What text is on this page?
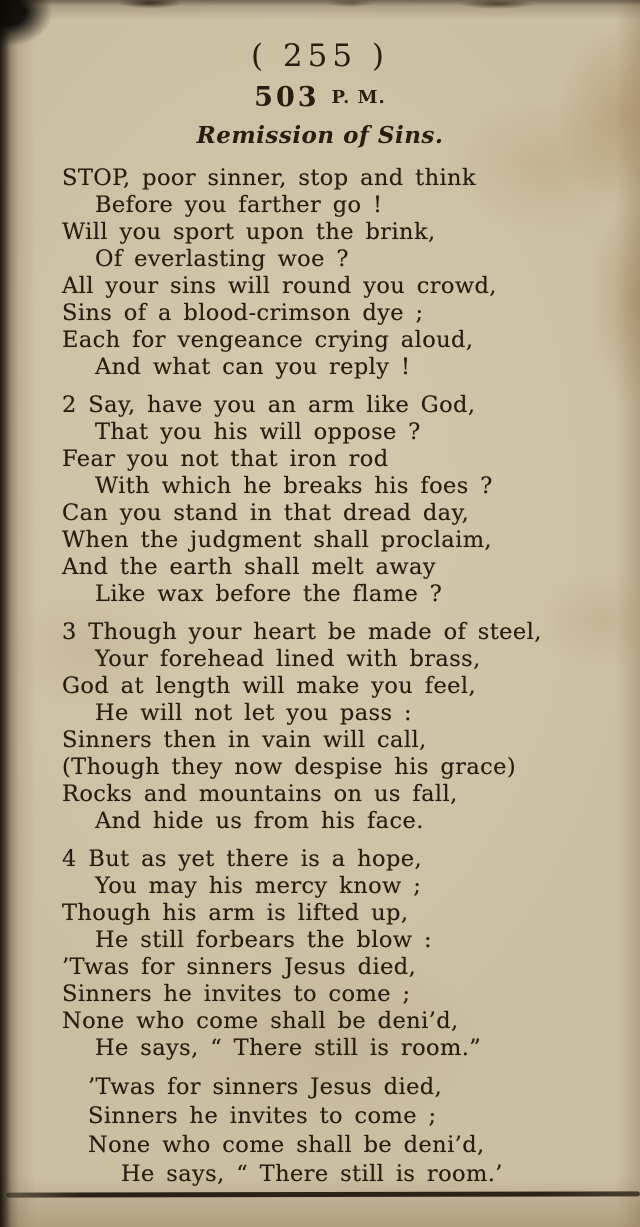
( 255 )
503 P. M.
Remission of Sins.
STOP, poor sinner, stop and think
Before you farther go !
Will you sport upon the brink,
Of everlasting woe ?
All your sins will round you crowd,
Sins of a blood-crimson dye ;
Each for vengeance crying aloud,
And what can you reply !
2 Say, have you an arm like God,
That you his will oppose ?
Fear you not that iron rod
With which he breaks his foes ?
Can you stand in that dread day,
When the judgment shall proclaim,
And the earth shall melt away
Like wax before the flame ?
3 Though your heart be made of steel,
Your forehead lined with brass,
God at length will make you feel,
He will not let you pass :
Sinners then in vain will call,
(Though they now despise his grace)
Rocks and mountains on us fall,
And hide us from his face.
4 But as yet there is a hope,
You may his mercy know ;
Though his arm is lifted up,
He still forbears the blow :
’Twas for sinners Jesus died,
Sinners he invites to come ;
None who come shall be deni’d,
He says, “ There still is room.”
’Twas for sinners Jesus died,
Sinners he invites to come ;
None who come shall be deni’d,
He says, “ There still is room.’
